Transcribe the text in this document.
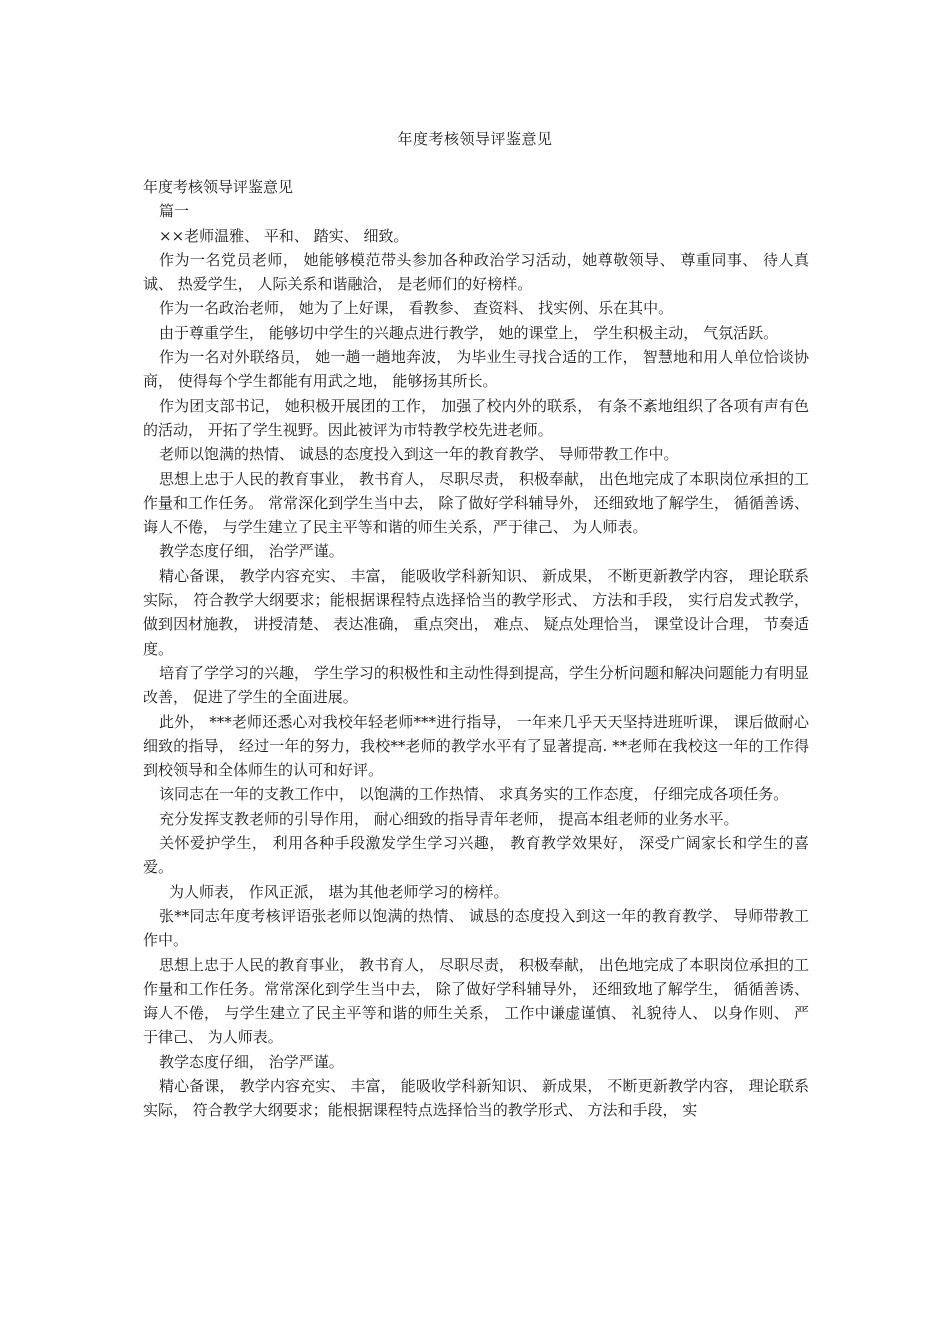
年度考核领导评鉴意见

年度考核领导评鉴意见

篇一

××老师温雅、 平和、 踏实、 细致。

作为一名党员老师， 她能够模范带头参加各种政治学习活动，她尊敬领导、 尊重同事、 待人真诚、 热爱学生， 人际关系和谐融洽， 是老师们的好榜样。

作为一名政治老师， 她为了上好课， 看教参、 查资料、 找实例、乐在其中。

由于尊重学生， 能够切中学生的兴趣点进行教学， 她的课堂上， 学生积极主动， 气氛活跃。

作为一名对外联络员， 她一趟一趟地奔波， 为毕业生寻找合适的工作， 智慧地和用人单位恰谈协商， 使得每个学生都能有用武之地， 能够扬其所长。

作为团支部书记， 她积极开展团的工作， 加强了校内外的联系， 有条不紊地组织了各项有声有色的活动， 开拓了学生视野。因此被评为市特教学校先进老师。

老师以饱满的热情、 诚恳的态度投入到这一年的教育教学、 导师带教工作中。

思想上忠于人民的教育事业， 教书育人， 尽职尽责， 积极奉献， 出色地完成了本职岗位承担的工作量和工作任务。 常常深化到学生当中去， 除了做好学科辅导外， 还细致地了解学生， 循循善诱、 诲人不倦， 与学生建立了民主平等和谐的师生关系，严于律己、 为人师表。

教学态度仔细， 治学严谨。

精心备课， 教学内容充实、 丰富， 能吸收学科新知识、 新成果， 不断更新教学内容， 理论联系实际， 符合教学大纲要求；能根据课程特点选择恰当的教学形式、 方法和手段， 实行启发式教学， 做到因材施教， 讲授清楚、 表达准确， 重点突出， 难点、 疑点处理恰当， 课堂设计合理， 节奏适度。

培育了学学习的兴趣， 学生学习的积极性和主动性得到提高，学生分析问题和解决问题能力有明显改善， 促进了学生的全面进展。

此外， ***老师还悉心对我校年轻老师***进行指导， 一年来几乎天天坚持进班听课， 课后做耐心细致的指导， 经过一年的努力，我校**老师的教学水平有了显著提高. **老师在我校这一年的工作得到校领导和全体师生的认可和好评。

该同志在一年的支教工作中， 以饱满的工作热情、 求真务实的工作态度， 仔细完成各项任务。

充分发挥支教老师的引导作用， 耐心细致的指导青年老师， 提高本组老师的业务水平。

关怀爱护学生， 利用各种手段激发学生学习兴趣， 教育教学效果好， 深受广阔家长和学生的喜爱。

为人师表， 作风正派， 堪为其他老师学习的榜样。

张**同志年度考核评语张老师以饱满的热情、 诚恳的态度投入到这一年的教育教学、 导师带教工作中。

思想上忠于人民的教育事业， 教书育人， 尽职尽责， 积极奉献， 出色地完成了本职岗位承担的工作量和工作任务。常常深化到学生当中去， 除了做好学科辅导外， 还细致地了解学生， 循循善诱、 诲人不倦， 与学生建立了民主平等和谐的师生关系， 工作中谦虚谨慎、 礼貌待人、 以身作则、 严于律己、 为人师表。

教学态度仔细， 治学严谨。

精心备课， 教学内容充实、 丰富， 能吸收学科新知识、 新成果， 不断更新教学内容， 理论联系实际， 符合教学大纲要求；能根据课程特点选择恰当的教学形式、 方法和手段， 实
